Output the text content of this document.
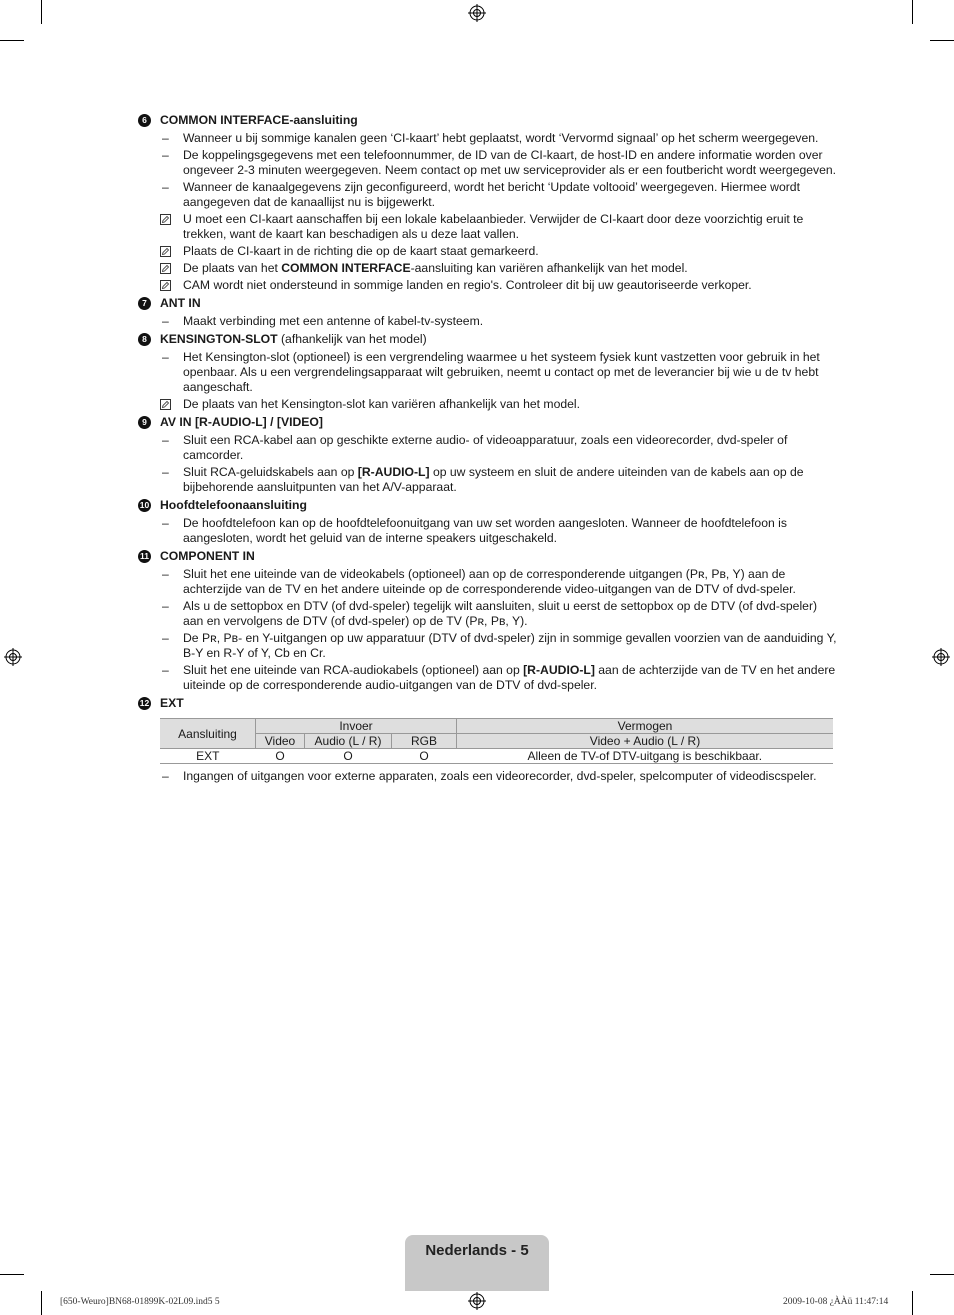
6	COMMON INTERFACE-aansluiting
– Wanneer u bij sommige kanalen geen ‘CI-kaart’ hebt geplaatst, wordt ‘Vervormd signaal’ op het scherm weergegeven.
– De koppelingsgegevens met een telefoonnummer, de ID van de CI-kaart, de host-ID en andere informatie worden over ongeveer 2-3 minuten weergegeven. Neem contact op met uw serviceprovider als er een foutbericht wordt weergegeven.
– Wanneer de kanaalgegevens zijn geconfigureerd, wordt het bericht ‘Update voltooid’ weergegeven. Hiermee wordt aangegeven dat de kanaallijst nu is bijgewerkt.
U moet een CI-kaart aanschaffen bij een lokale kabelaanbieder. Verwijder de CI-kaart door deze voorzichtig eruit te trekken, want de kaart kan beschadigen als u deze laat vallen.
Plaats de CI-kaart in de richting die op de kaart staat gemarkeerd.
De plaats van het COMMON INTERFACE-aansluiting kan variëren afhankelijk van het model.
CAM wordt niet ondersteund in sommige landen en regio's. Controleer dit bij uw geautoriseerde verkoper.
7	ANT IN
– Maakt verbinding met een antenne of kabel-tv-systeem.
8	KENSINGTON-SLOT (afhankelijk van het model)
– Het Kensington-slot (optioneel) is een vergrendeling waarmee u het systeem fysiek kunt vastzetten voor gebruik in het openbaar. Als u een vergrendelingsapparaat wilt gebruiken, neemt u contact op met de leverancier bij wie u de tv hebt aangeschaft.
De plaats van het Kensington-slot kan variëren afhankelijk van het model.
9	AV IN [R-AUDIO-L] / [VIDEO]
– Sluit een RCA-kabel aan op geschikte externe audio- of videoapparatuur, zoals een videorecorder, dvd-speler of camcorder.
– Sluit RCA-geluidskabels aan op [R-AUDIO-L] op uw systeem en sluit de andere uiteinden van de kabels aan op de bijbehorende aansluitpunten van het A/V-apparaat.
10 Hoofdtelefoonaansluiting
– De hoofdtelefoon kan op de hoofdtelefoonuitgang van uw set worden aangesloten. Wanneer de hoofdtelefoon is aangesloten, wordt het geluid van de interne speakers uitgeschakeld.
11 COMPONENT IN
– Sluit het ene uiteinde van de videokabels (optioneel) aan op de corresponderende uitgangen (Pʀ, Pʙ, Y) aan de achterzijde van de TV en het andere uiteinde op de corresponderende video-uitgangen van de DTV of dvd-speler.
– Als u de settopbox en DTV (of dvd-speler) tegelijk wilt aansluiten, sluit u eerst de settopbox op de DTV (of dvd-speler) aan en vervolgens de DTV (of dvd-speler) op de TV (Pʀ, Pʙ, Y).
– De Pʀ, Pʙ- en Y-uitgangen op uw apparatuur (DTV of dvd-speler) zijn in sommige gevallen voorzien van de aanduiding Y, B-Y en R-Y of Y, Cb en Cr.
– Sluit het ene uiteinde van RCA-audiokabels (optioneel) aan op [R-AUDIO-L] aan de achterzijde van de TV en het andere uiteinde op de corresponderende audio-uitgangen van de DTV of dvd-speler.
12 EXT
Aansluiting	Invoer			Vermogen
	Video	Audio (L / R)	RGB	Video + Audio (L / R)
EXT	O	O	O	Alleen de TV-of DTV-uitgang is beschikbaar.
– Ingangen of uitgangen voor externe apparaten, zoals een videorecorder, dvd-speler, spelcomputer of videodiscspeler.
Nederlands - 5
[650-Weuro]BN68-01899K-02L09.ind5 5	2009-10-08 ¿ÀÀü 11:47:14
